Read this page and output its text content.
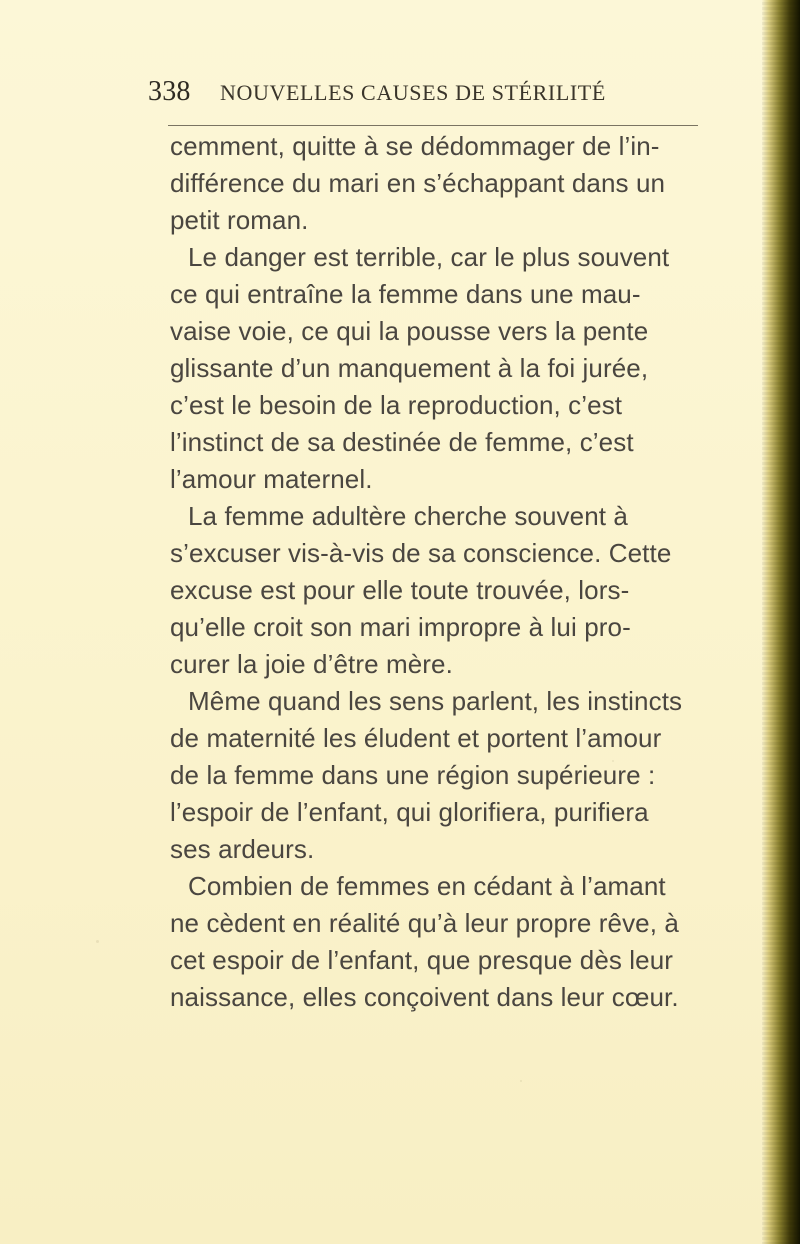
338 NOUVELLES CAUSES DE STÉRILITÉ
cemment, quitte à se dédommager de l’in-
différence du mari en s’échappant dans un
petit roman.
Le danger est terrible, car le plus souvent
ce qui entraîne la femme dans une mau-
vaise voie, ce qui la pousse vers la pente
glissante d’un manquement à la foi jurée,
c’est le besoin de la reproduction, c’est
l’instinct de sa destinée de femme, c’est
l’amour maternel.
La femme adultère cherche souvent à
s’excuser vis-à-vis de sa conscience. Cette
excuse est pour elle toute trouvée, lors-
qu’elle croit son mari impropre à lui pro-
curer la joie d’être mère.
Même quand les sens parlent, les instincts
de maternité les éludent et portent l’amour
de la femme dans une région supérieure :
l’espoir de l’enfant, qui glorifiera, purifiera
ses ardeurs.
Combien de femmes en cédant à l’amant
ne cèdent en réalité qu’à leur propre rêve, à
cet espoir de l’enfant, que presque dès leur
naissance, elles conçoivent dans leur cœur.
